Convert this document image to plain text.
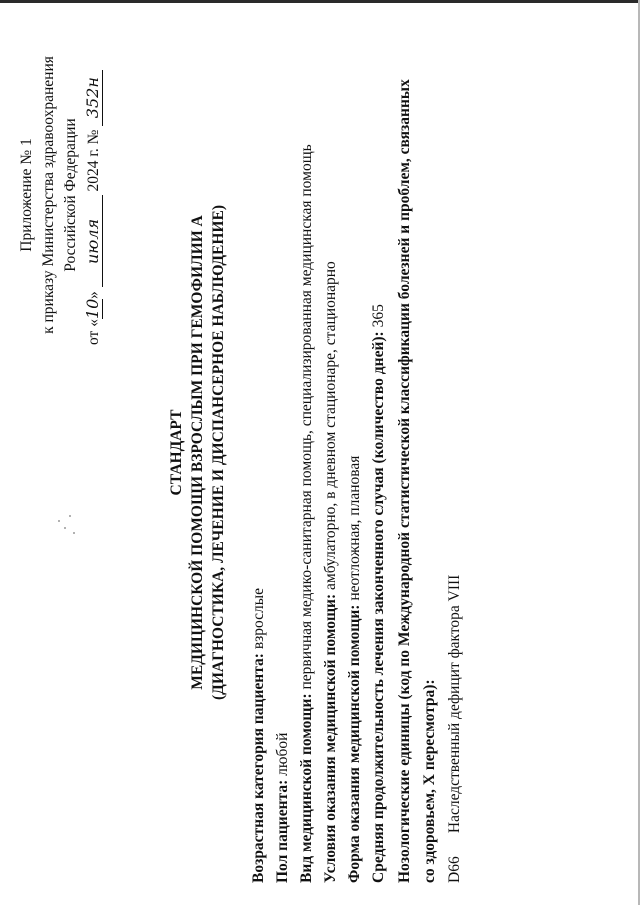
Приложение № 1 к приказу Министерства здравоохранения Российской Федерации
от «10» июля 2024 г. № 352н
СТАНДАРТ МЕДИЦИНСКОЙ ПОМОЩИ ВЗРОСЛЫМ ПРИ ГЕМОФИЛИИ А (ДИАГНОСТИКА, ЛЕЧЕНИЕ И ДИСПАНСЕРНОЕ НАБЛЮДЕНИЕ)
Возрастная категория пациента: взрослые
Пол пациента: любой Вид медицинской помощи: первичная медико-санитарная помощь, специализированная медицинская помощь
Условия оказания медицинской помощи: амбулаторно, в дневном стационаре, стационарно
Форма оказания медицинской помощи: неотложная, плановая Средняя продолжительность лечения законченного случая (количество дней): 365 Нозологические единицы (код по Международной статистической классификации болезней и проблем, связанных со здоровьем, X пересмотра): D66 Наследственный дефицит фактора VIII
